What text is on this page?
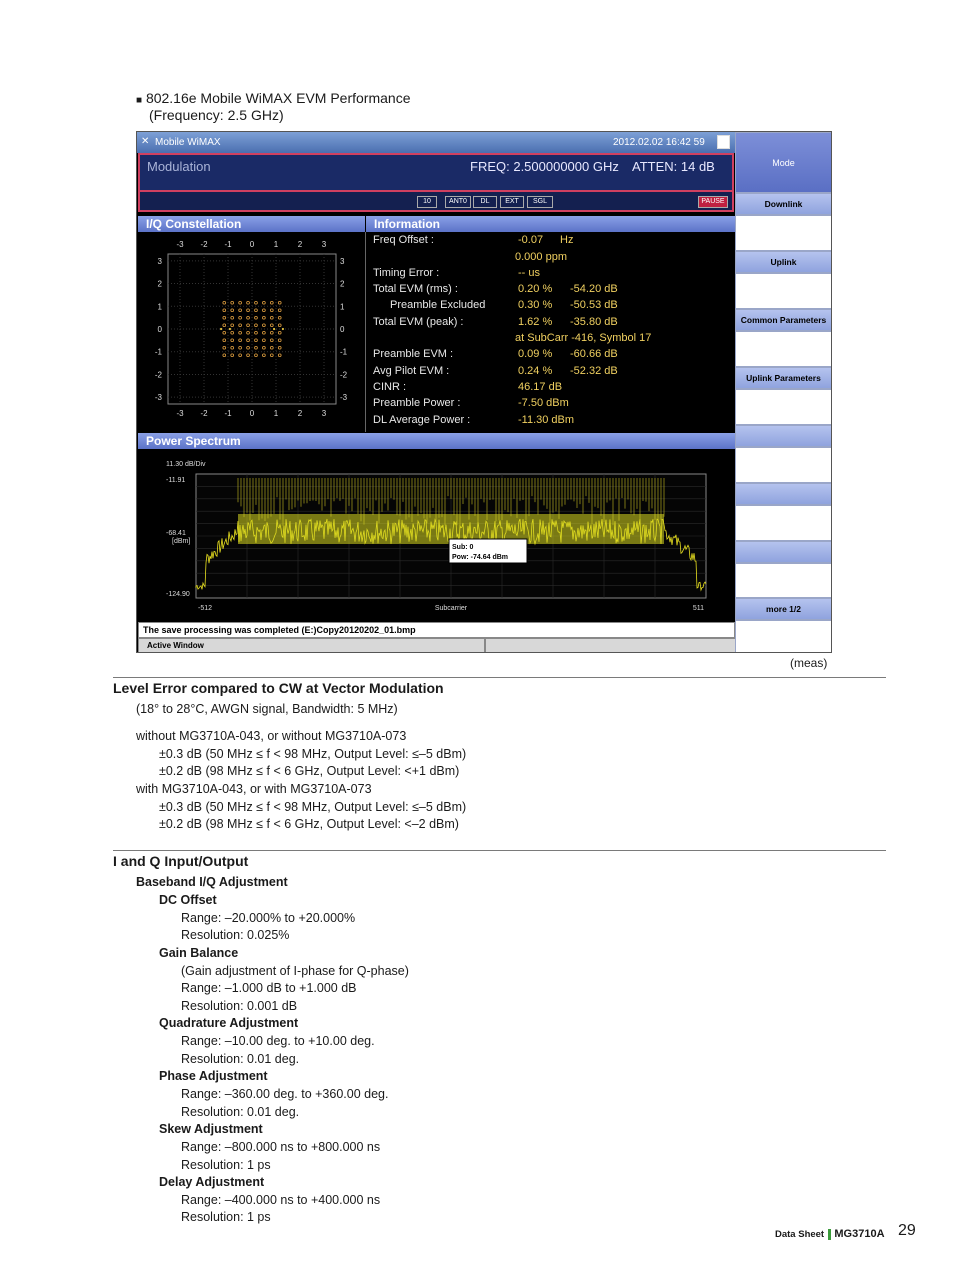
■ 802.16e Mobile WiMAX EVM Performance
(Frequency: 2.5 GHz)
✕ Mobile WiMAX	2012.02.02 16:42 59
Modulation	FREQ: 2.500000000 GHz ATTEN: 14 dB
10	ANT0	DL	EXT	SGL	PAUSE
I/Q Constellation	Information
-3
-3
-2
-2
-1
-1
0
0
1
1
2
2
3
3
3	3
2	2
1	1
0	0
-1	-1
-2	-2
-3	-3
Freq Offset :	-0.07 Hz
0.000 ppm
Timing Error :	-- us
Total EVM (rms) :	0.20 % -54.20 dB
Preamble Excluded	0.30 % -50.53 dB
Total EVM (peak) :	1.62 % -35.80 dB
at SubCarr -416, Symbol 17
Preamble EVM :	0.09 % -60.66 dB
Avg Pilot EVM :	0.24 % -52.32 dB
CINR :	46.17 dB
Preamble Power :	-7.50 dBm
DL Average Power :	-11.30 dBm
Power Spectrum
11.30 dB/Div
-11.91
-68.41
[dBm]
-124.90
-512	Subcarrier	511
Sub: 0
Pow: -74.64 dBm
The save processing was completed (E:)Copy20120202_01.bmp
Active Window
Mode
Downlink
Uplink
Common Parameters
Uplink Parameters
more 1/2
(meas)
Level Error compared to CW at Vector Modulation
(18° to 28°C, AWGN signal, Bandwidth: 5 MHz)
without MG3710A-043, or without MG3710A-073
±0.3 dB (50 MHz ≤ f < 98 MHz, Output Level: ≤–5 dBm)
±0.2 dB (98 MHz ≤ f < 6 GHz, Output Level: <+1 dBm)
with MG3710A-043, or with MG3710A-073
±0.3 dB (50 MHz ≤ f < 98 MHz, Output Level: ≤–5 dBm)
±0.2 dB (98 MHz ≤ f < 6 GHz, Output Level: <–2 dBm)
I and Q Input/Output
Baseband I/Q Adjustment
DC Offset
Range: –20.000% to +20.000%
Resolution: 0.025%
Gain Balance
(Gain adjustment of I-phase for Q-phase)
Range: –1.000 dB to +1.000 dB
Resolution: 0.001 dB
Quadrature Adjustment
Range: –10.00 deg. to +10.00 deg.
Resolution: 0.01 deg.
Phase Adjustment
Range: –360.00 deg. to +360.00 deg.
Resolution: 0.01 deg.
Skew Adjustment
Range: –800.000 ns to +800.000 ns
Resolution: 1 ps
Delay Adjustment
Range: –400.000 ns to +400.000 ns
Resolution: 1 ps
Data Sheet MG3710A 29
